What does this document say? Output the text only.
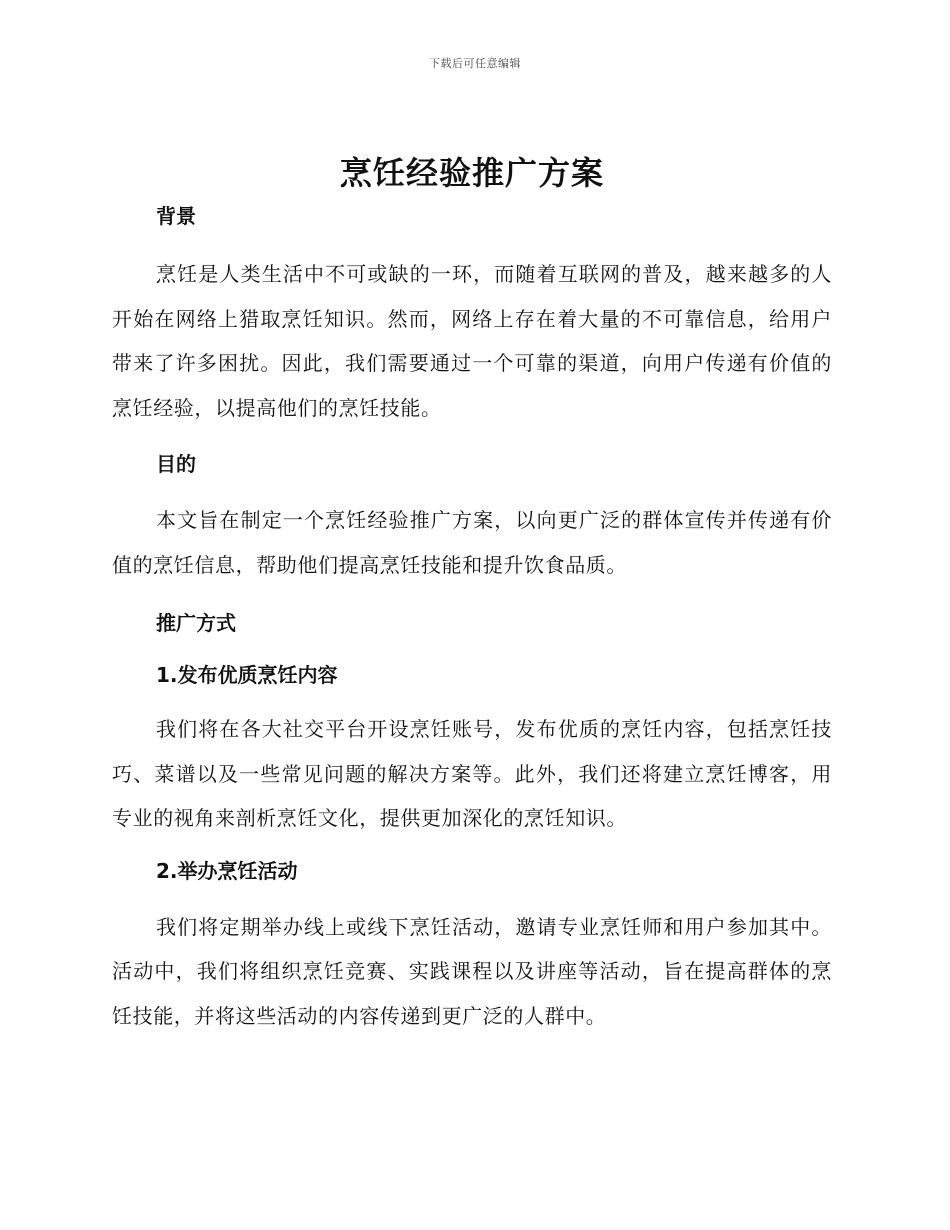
下载后可任意编辑
烹饪经验推广方案
背景

烹饪是人类生活中不可或缺的一环，而随着互联网的普及，越来越多的人开始在网络上猎取烹饪知识。然而，网络上存在着大量的不可靠信息，给用户带来了许多困扰。因此，我们需要通过一个可靠的渠道，向用户传递有价值的烹饪经验，以提高他们的烹饪技能。

目的

本文旨在制定一个烹饪经验推广方案，以向更广泛的群体宣传并传递有价值的烹饪信息，帮助他们提高烹饪技能和提升饮食品质。

推广方式
1.发布优质烹饪内容

我们将在各大社交平台开设烹饪账号，发布优质的烹饪内容，包括烹饪技巧、菜谱以及一些常见问题的解决方案等。此外，我们还将建立烹饪博客，用专业的视角来剖析烹饪文化，提供更加深化的烹饪知识。

2.举办烹饪活动

我们将定期举办线上或线下烹饪活动，邀请专业烹饪师和用户参加其中。活动中，我们将组织烹饪竞赛、实践课程以及讲座等活动，旨在提高群体的烹饪技能，并将这些活动的内容传递到更广泛的人群中。
